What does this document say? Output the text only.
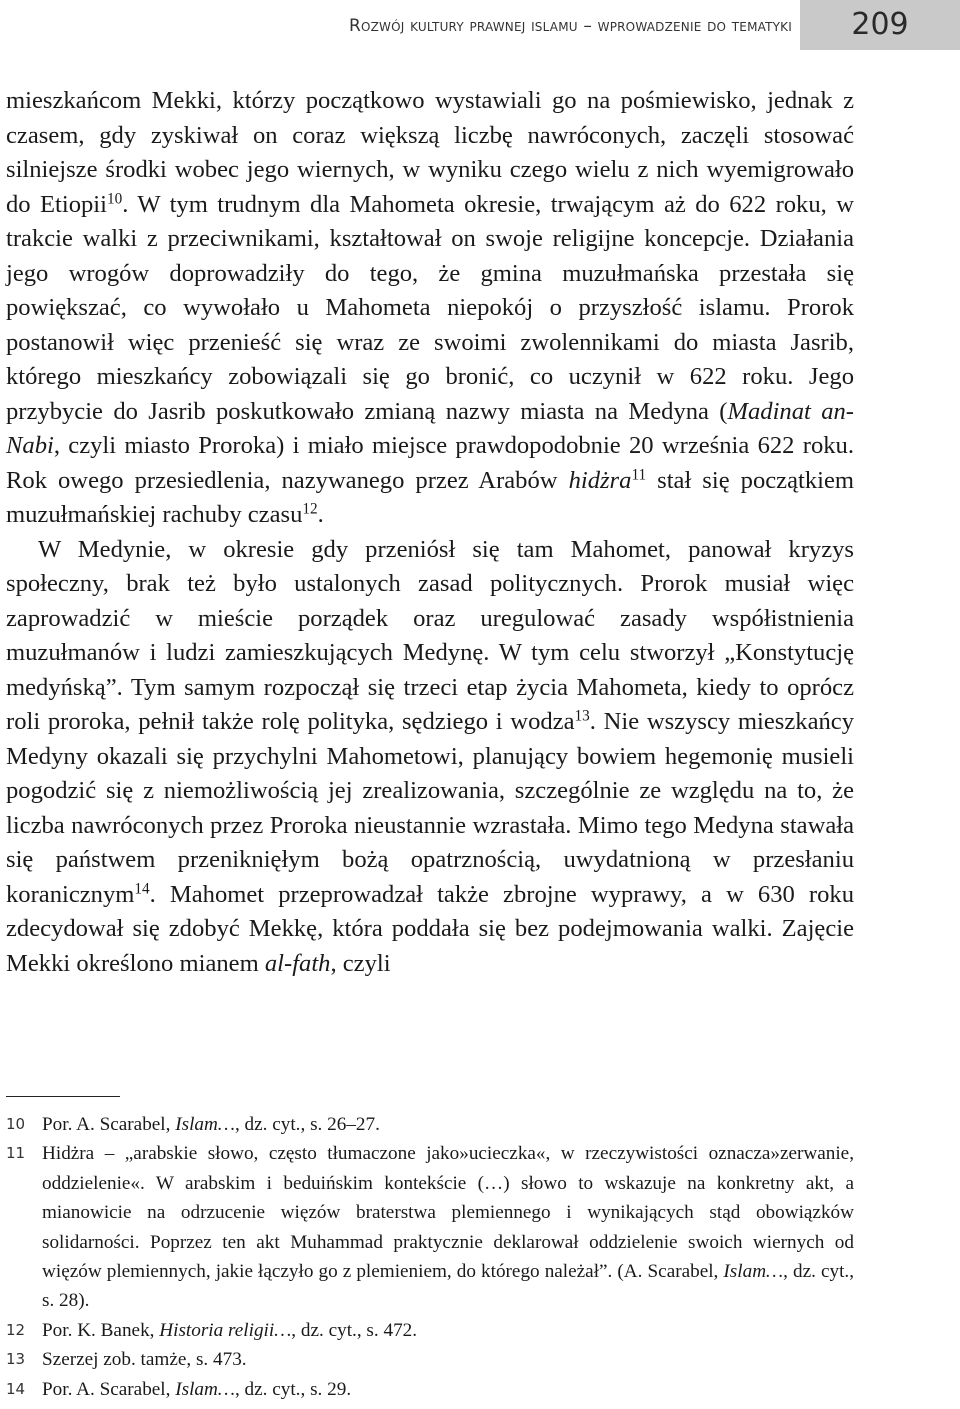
Rozwój kultury prawnej islamu – wprowadzenie do tematyki	209

mieszkańcom Mekki, którzy początkowo wystawiali go na pośmiewisko, jednak z czasem, gdy zyskiwał on coraz większą liczbę nawróconych, zaczęli stosować silniejsze środki wobec jego wiernych, w wyniku czego wielu z nich wyemigrowało do Etiopii$^{10}$. W tym trudnym dla Mahometa okresie, trwającym aż do 622 roku, w trakcie walki z przeciwnikami, kształtował on swoje religijne koncepcje. Działania jego wrogów doprowadziły do tego, że gmina muzułmańska przestała się powiększać, co wywołało u Mahometa niepokój o przyszłość islamu. Prorok postanowił więc przenieść się wraz ze swoimi zwolennikami do miasta Jasrib, którego mieszkańcy zobowiązali się go bronić, co uczynił w 622 roku. Jego przybycie do Jasrib poskutkowało zmianą nazwy miasta na Medyna (Madinat an-Nabi, czyli miasto Proroka) i miało miejsce prawdopodobnie 20 września 622 roku. Rok owego przesiedlenia, nazywanego przez Arabów hidżra$^{11}$ stał się początkiem muzułmańskiej rachuby czasu$^{12}$.

W Medynie, w okresie gdy przeniósł się tam Mahomet, panował kryzys społeczny, brak też było ustalonych zasad politycznych. Prorok musiał więc zaprowadzić w mieście porządek oraz uregulować zasady współistnienia muzułmanów i ludzi zamieszkujących Medynę. W tym celu stworzył „Konstytucję medyńską”. Tym samym rozpoczął się trzeci etap życia Mahometa, kiedy to oprócz roli proroka, pełnił także rolę polityka, sędziego i wodza$^{13}$. Nie wszyscy mieszkańcy Medyny okazali się przychylni Mahometowi, planujący bowiem hegemonię musieli pogodzić się z niemożliwością jej zrealizowania, szczególnie ze względu na to, że liczba nawróconych przez Proroka nieustannie wzrastała. Mimo tego Medyna stawała się państwem przeniknięłym bożą opatrznością, uwydatnioną w przesłaniu koranicznym$^{14}$. Mahomet przeprowadzał także zbrojne wyprawy, a w 630 roku zdecydował się zdobyć Mekkę, która poddała się bez podejmowania walki. Zajęcie Mekki określono mianem al-fath, czyli

10 Por. A. Scarabel, Islam…, dz. cyt., s. 26–27.
11 Hidżra – „arabskie słowo, często tłumaczone jako»ucieczka«, w rzeczywistości oznacza»zerwanie, oddzielenie«. W arabskim i beduińskim kontekście (…) słowo to wskazuje na konkretny akt, a mianowicie na odrzucenie więzów braterstwa plemiennego i wynikających stąd obowiązków solidarności. Poprzez ten akt Muhammad praktycznie deklarował oddzielenie swoich wiernych od więzów plemiennych, jakie łączyło go z plemieniem, do którego należał”. (A. Scarabel, Islam…, dz. cyt., s. 28).
12 Por. K. Banek, Historia religii…, dz. cyt., s. 472.
13 Szerzej zob. tamże, s. 473.
14 Por. A. Scarabel, Islam…, dz. cyt., s. 29.
